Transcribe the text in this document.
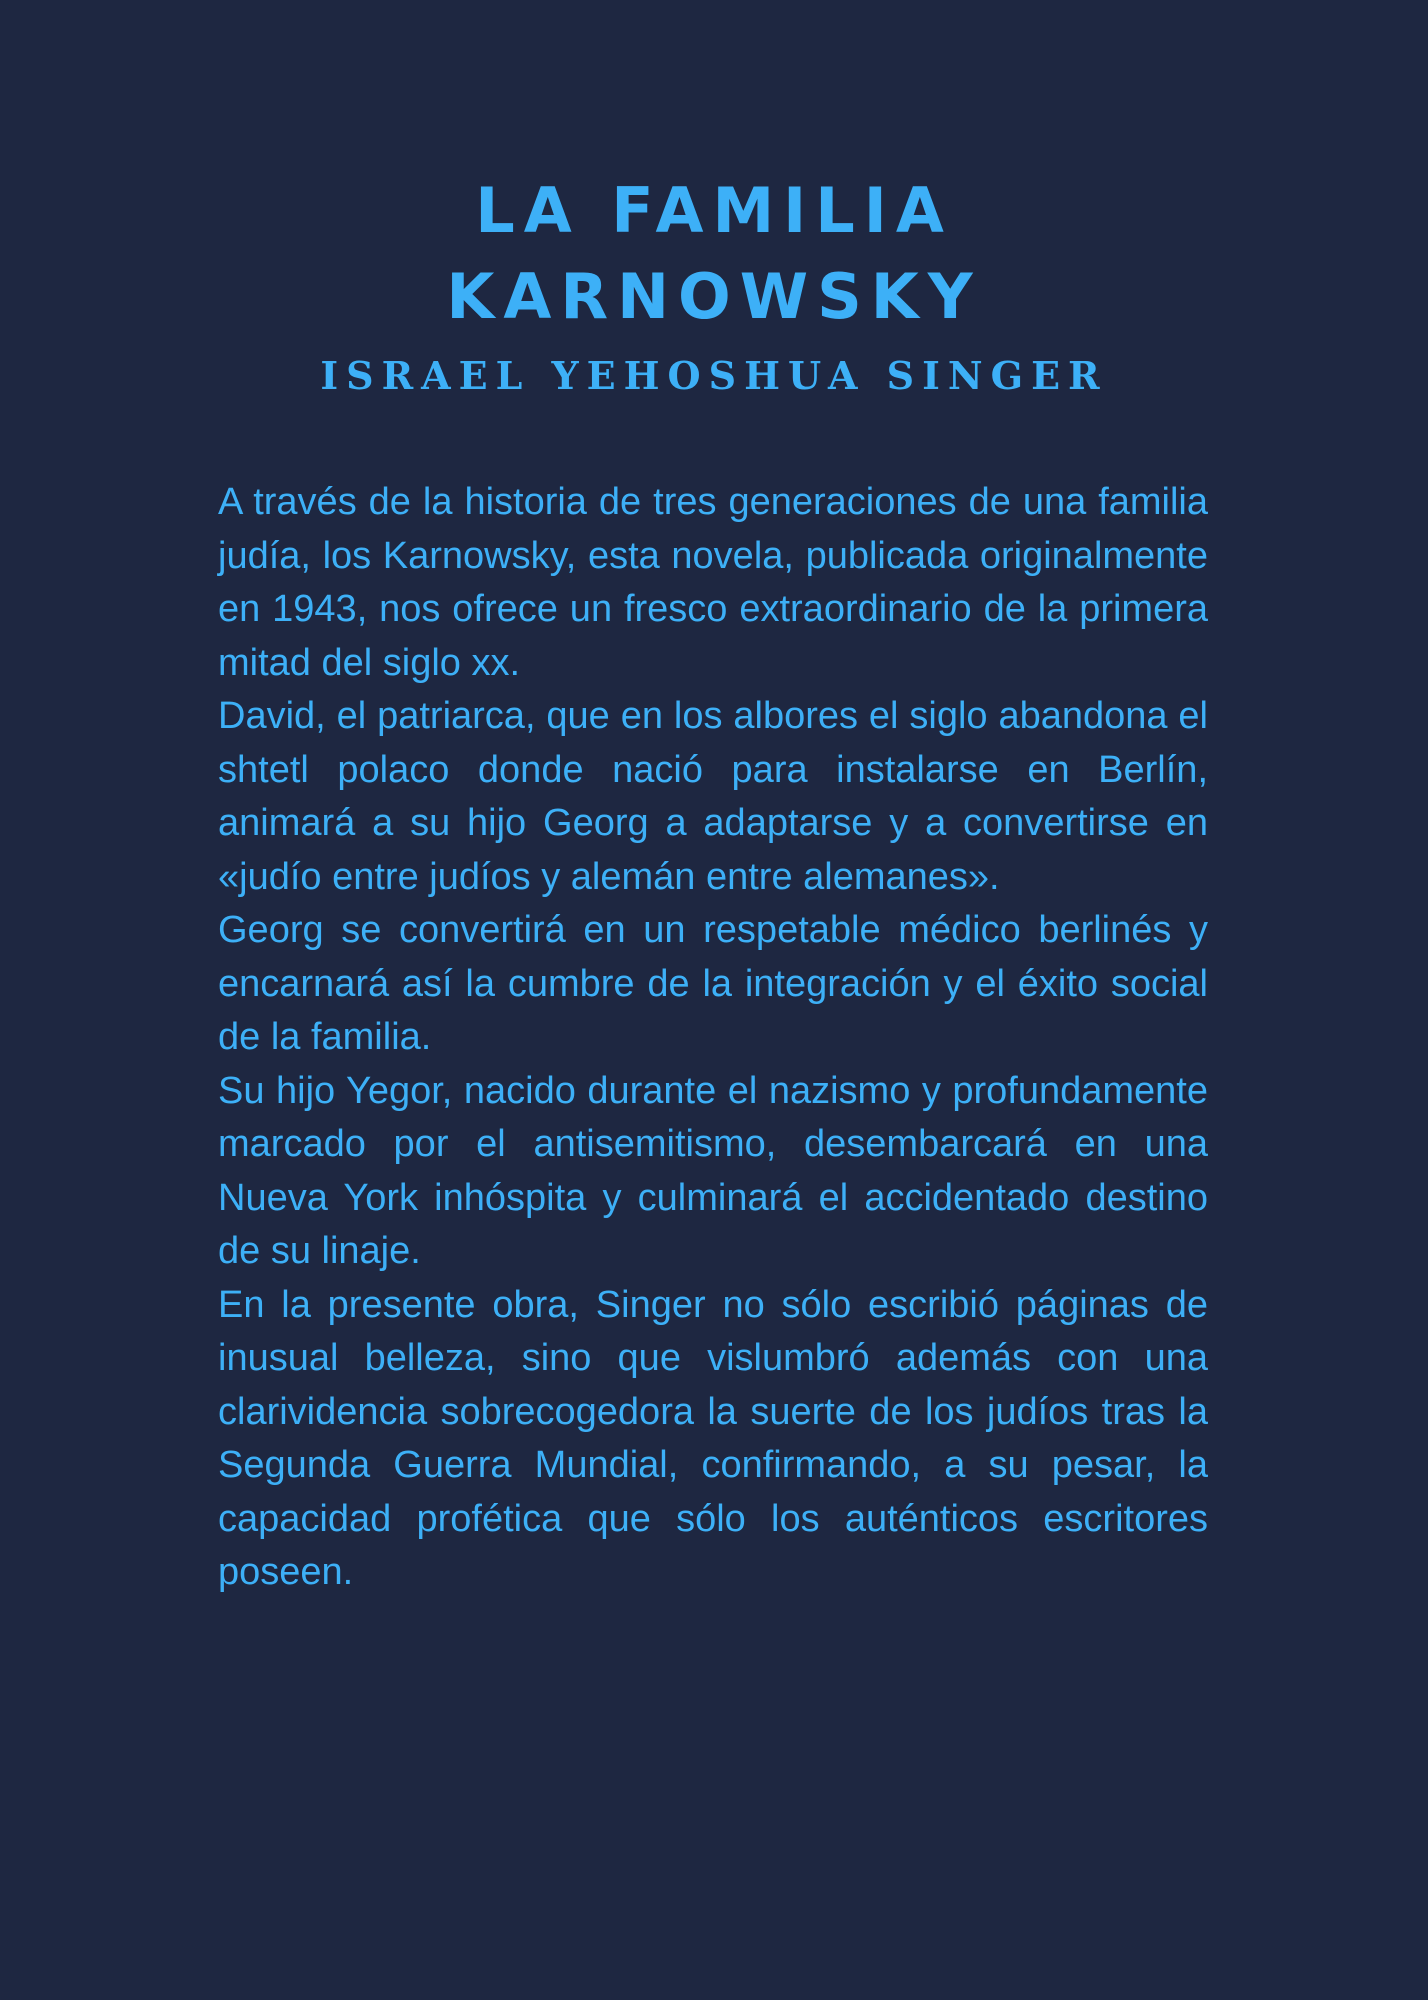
LA FAMILIA
KARNOWSKY
ISRAEL YEHOSHUA SINGER

A través de la historia de tres generaciones de una familia judía, los Karnowsky, esta novela, publicada originalmente en 1943, nos ofrece un fresco extraordinario de la primera mitad del siglo xx.

David, el patriarca, que en los albores el siglo abandona el shtetl polaco donde nació para instalarse en Berlín, animará a su hijo Georg a adaptarse y a convertirse en «judío entre judíos y alemán entre alemanes».

Georg se convertirá en un respetable médico berlinés y encarnará así la cumbre de la integración y el éxito social de la familia.

Su hijo Yegor, nacido durante el nazismo y profundamente marcado por el antisemitismo, desembarcará en una Nueva York inhóspita y culminará el accidentado destino de su linaje.

En la presente obra, Singer no sólo escribió páginas de inusual belleza, sino que vislumbró además con una clarividencia sobrecogedora la suerte de los judíos tras la Segunda Guerra Mundial, confirmando, a su pesar, la capacidad profética que sólo los auténticos escritores poseen.
